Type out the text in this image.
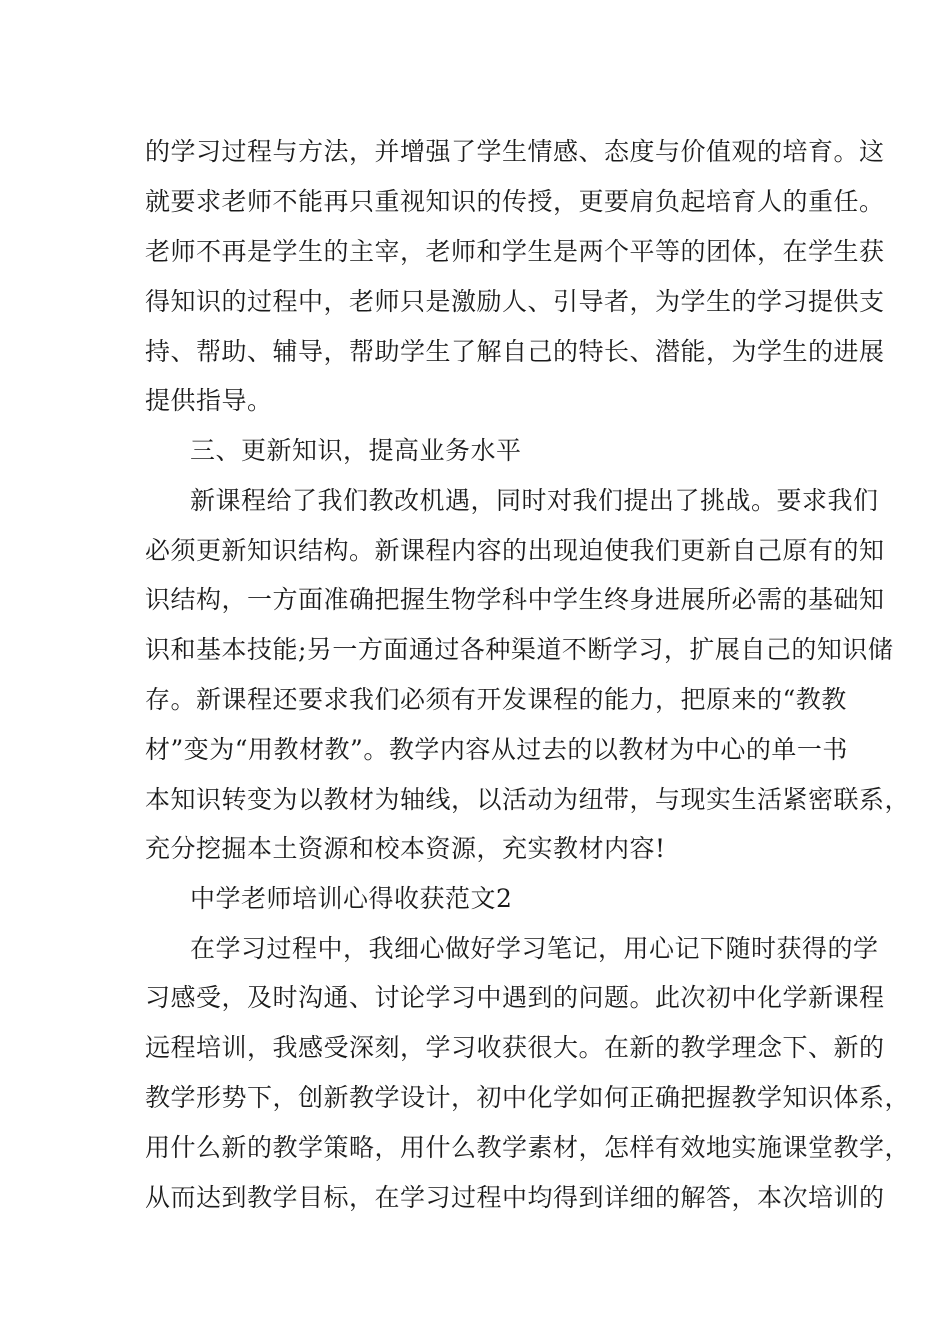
的学习过程与方法，并增强了学生情感、态度与价值观的培育。这
就要求老师不能再只重视知识的传授，更要肩负起培育人的重任。
老师不再是学生的主宰，老师和学生是两个平等的团体，在学生获
得知识的过程中，老师只是激励人、引导者，为学生的学习提供支
持、帮助、辅导，帮助学生了解自己的特长、潜能，为学生的进展
提供指导。
三、更新知识，提高业务水平
新课程给了我们教改机遇，同时对我们提出了挑战。要求我们
必须更新知识结构。新课程内容的出现迫使我们更新自己原有的知
识结构，一方面准确把握生物学科中学生终身进展所必需的基础知
识和基本技能;另一方面通过各种渠道不断学习，扩展自己的知识储
存。新课程还要求我们必须有开发课程的能力，把原来的“教教
材”变为“用教材教”。教学内容从过去的以教材为中心的单一书
本知识转变为以教材为轴线，以活动为纽带，与现实生活紧密联系，
充分挖掘本土资源和校本资源，充实教材内容!
中学老师培训心得收获范文2
在学习过程中，我细心做好学习笔记，用心记下随时获得的学
习感受，及时沟通、讨论学习中遇到的问题。此次初中化学新课程
远程培训，我感受深刻，学习收获很大。在新的教学理念下、新的
教学形势下，创新教学设计，初中化学如何正确把握教学知识体系，
用什么新的教学策略，用什么教学素材，怎样有效地实施课堂教学，
从而达到教学目标，在学习过程中均得到详细的解答，本次培训的
